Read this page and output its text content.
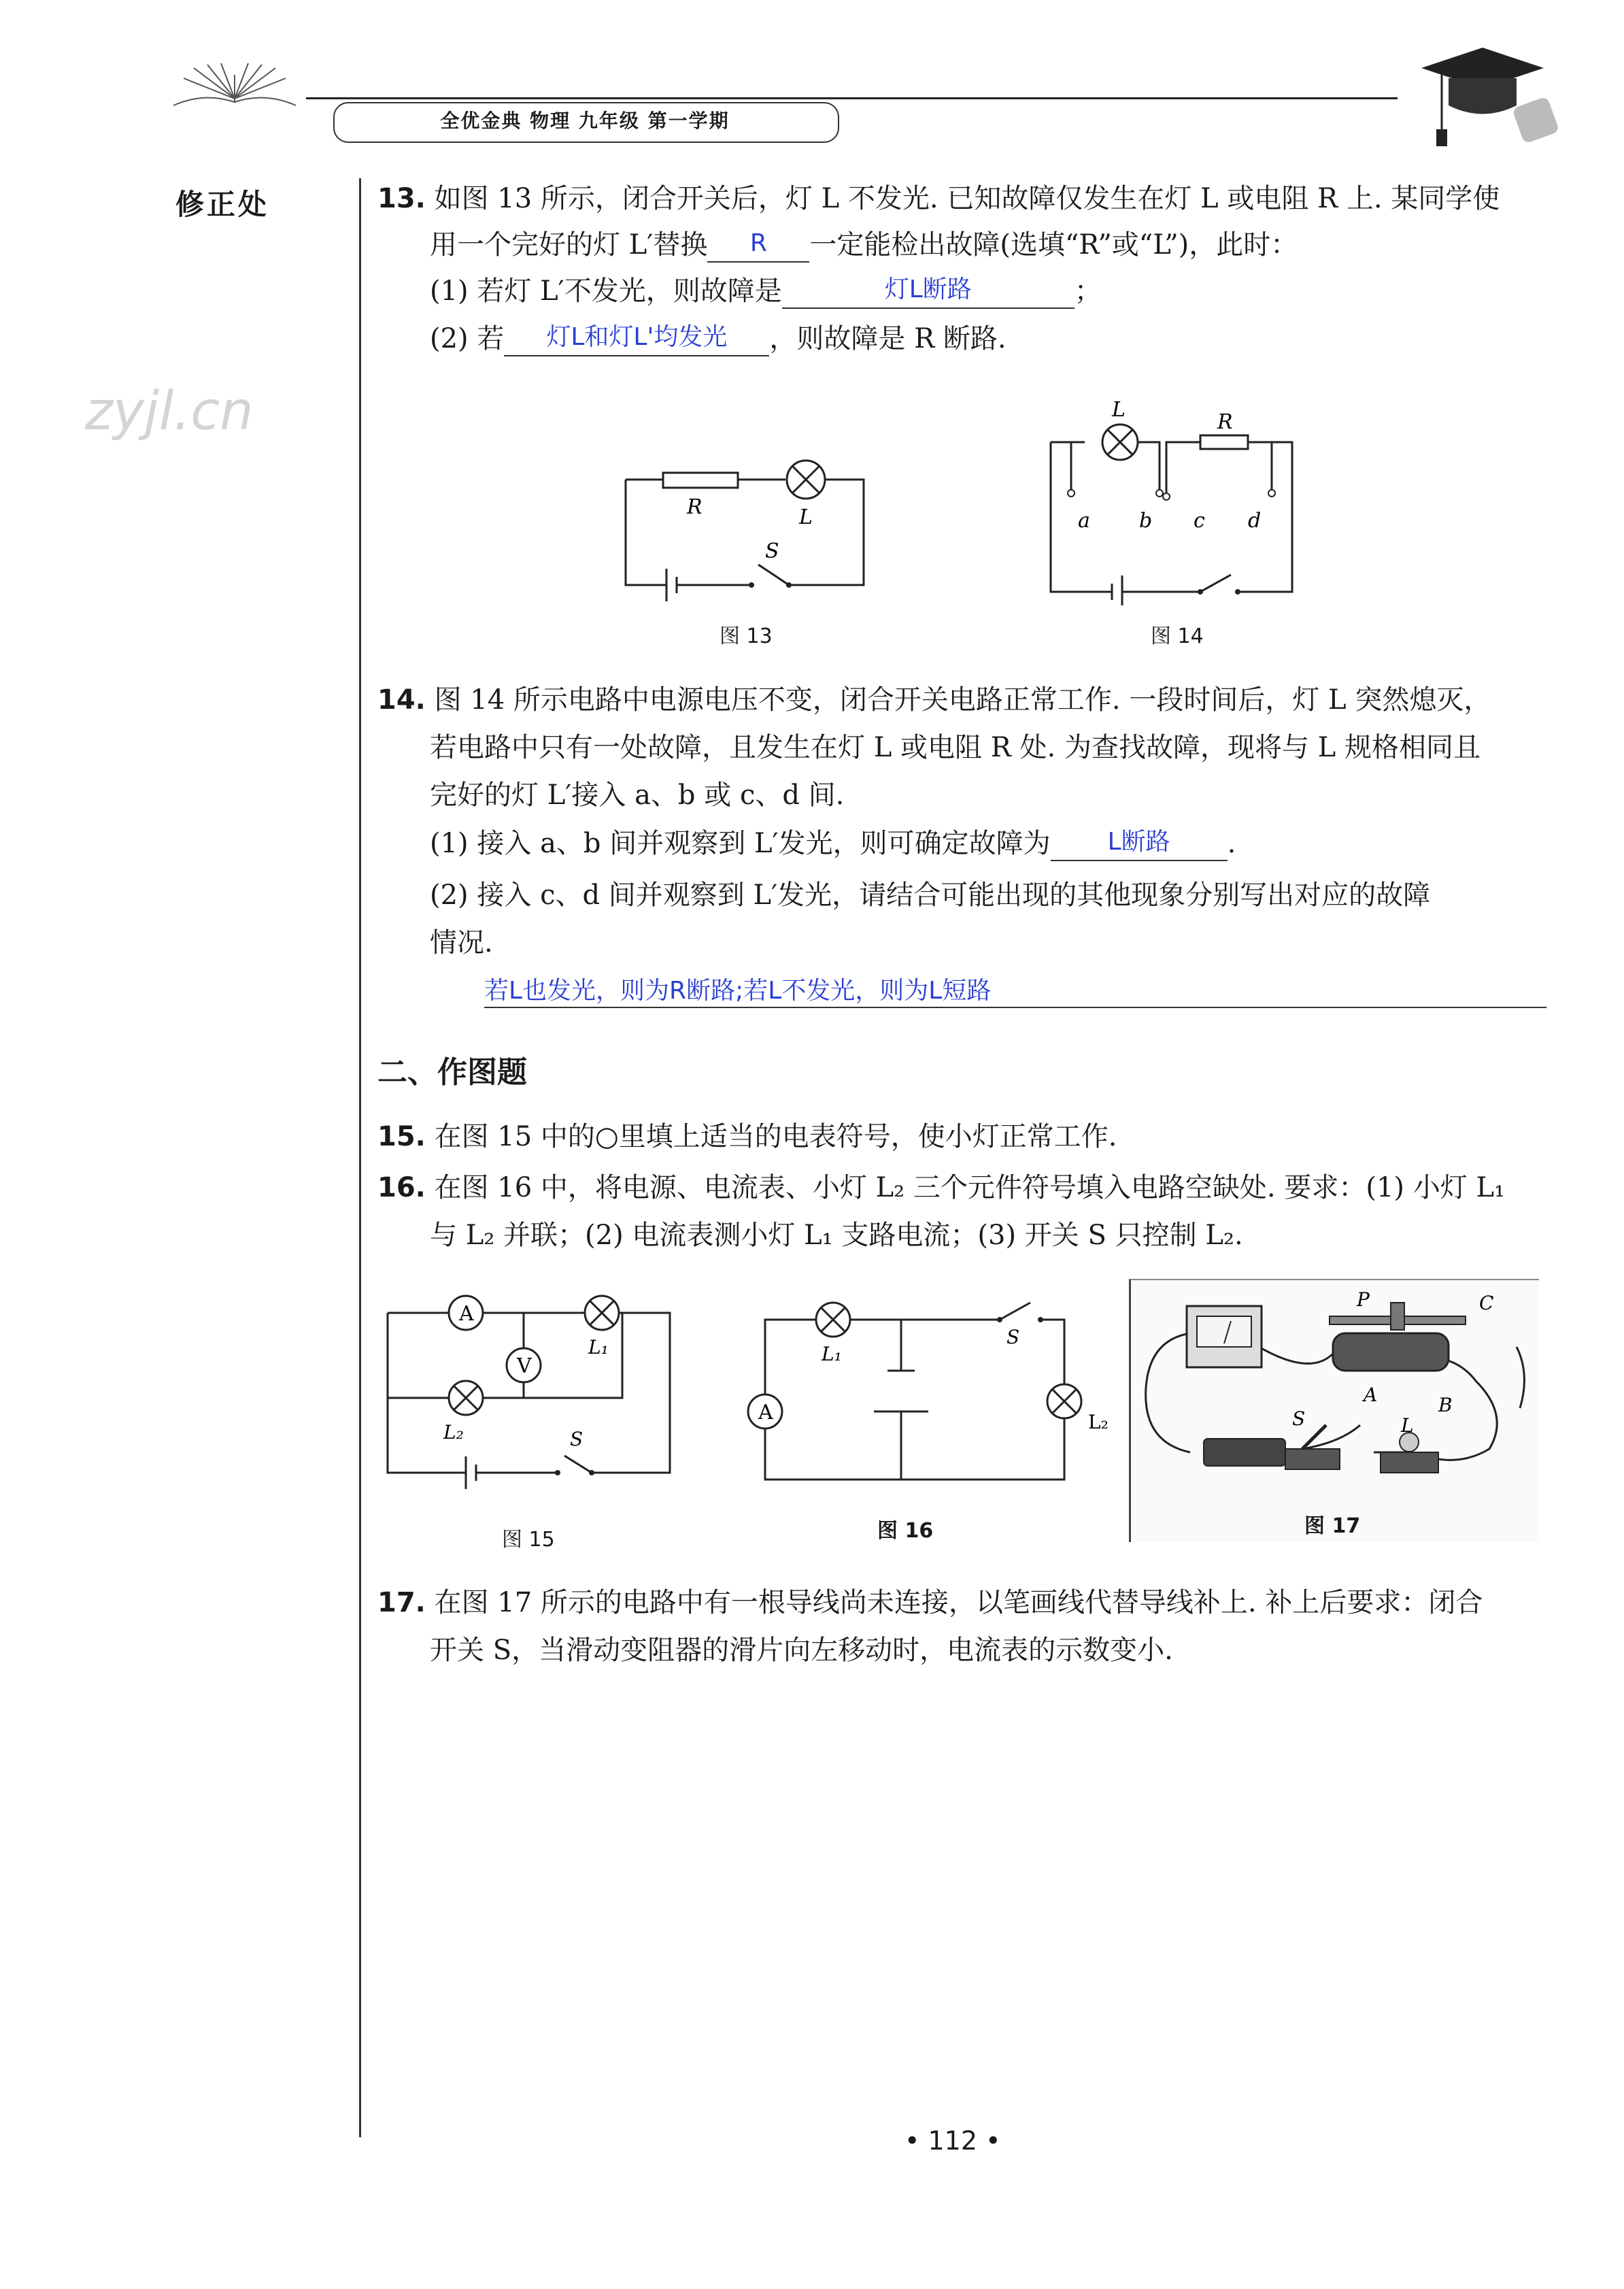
全优金典 物理 九年级 第一学期
修正处
zyjl.cn
13. 如图 13 所示，闭合开关后，灯 L 不发光. 已知故障仅发生在灯 L 或电阻 R 上. 某同学使
用一个完好的灯 L′替换	R	一定能检出故障(选填“R”或“L”)，此时：
(1) 若灯 L′不发光，则故障是	灯L断路	；
(2) 若	灯L和灯L'均发光	，则故障是 R 断路.
R	L
S
图 13
L
R
a b c d
图 14
14. 图 14 所示电路中电源电压不变，闭合开关电路正常工作. 一段时间后，灯 L 突然熄灭，
若电路中只有一处故障，且发生在灯 L 或电阻 R 处. 为查找故障，现将与 L 规格相同且
完好的灯 L′接入 a、b 或 c、d 间.
(1) 接入 a、b 间并观察到 L′发光，则可确定故障为	L断路	.
(2) 接入 c、d 间并观察到 L′发光，请结合可能出现的其他现象分别写出对应的故障
情况.
若L也发光，则为R断路;若L不发光，则为L短路
二、作图题
15. 在图 15 中的○里填上适当的电表符号，使小灯正常工作.
16. 在图 16 中，将电源、电流表、小灯 L₂ 三个元件符号填入电路空缺处. 要求：(1) 小灯 L₁
与 L₂ 并联；(2) 电流表测小灯 L₁ 支路电流；(3) 开关 S 只控制 L₂.
A
V
L₁
L₂	S
图 15
A
L₁
L₂
S
图 16
P	C
A	B
L
S
图 17
17. 在图 17 所示的电路中有一根导线尚未连接，以笔画线代替导线补上. 补上后要求：闭合
开关 S，当滑动变阻器的滑片向左移动时，电流表的示数变小.
• 112 •
